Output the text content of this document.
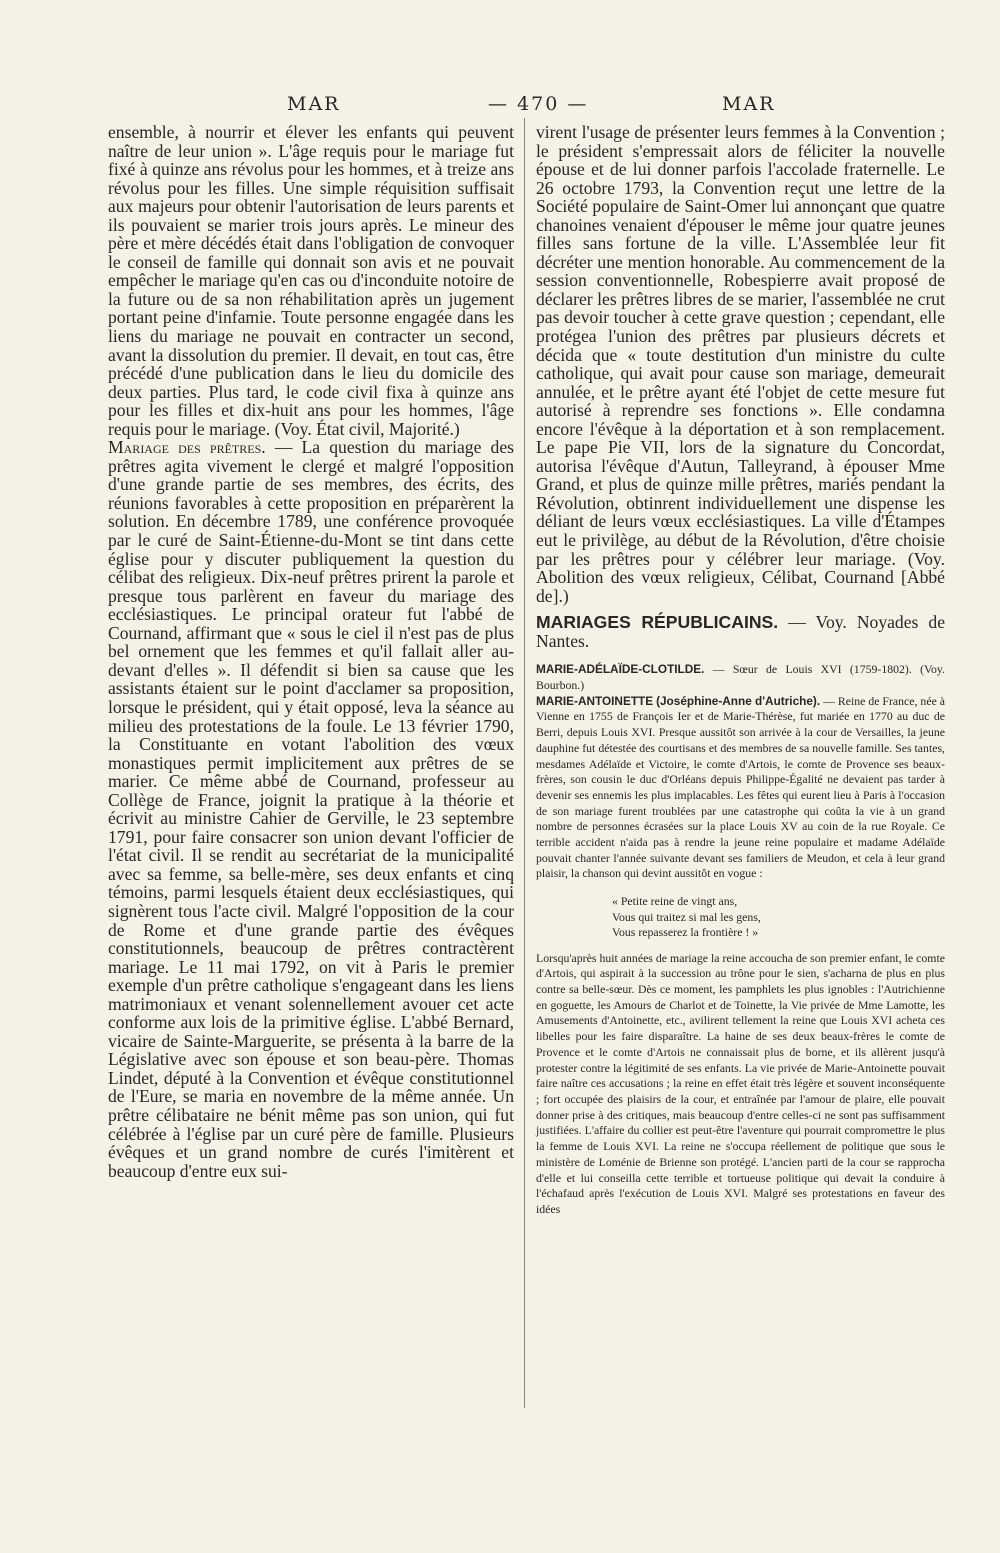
MAR	— 470 —	MAR

ensemble, à nourrir et élever les enfants qui peuvent naître de leur union ». L'âge requis pour le mariage fut fixé à quinze ans révolus pour les hommes, et à treize ans révolus pour les filles. Une simple réquisition suffisait aux majeurs pour obtenir l'autorisation de leurs parents et ils pouvaient se marier trois jours après. Le mineur des père et mère décédés était dans l'obligation de convoquer le conseil de famille qui donnait son avis et ne pouvait empêcher le mariage qu'en cas ou d'inconduite notoire de la future ou de sa non réhabilitation après un jugement portant peine d'infamie. Toute personne engagée dans les liens du mariage ne pouvait en contracter un second, avant la dissolution du premier. Il devait, en tout cas, être précédé d'une publication dans le lieu du domicile des deux parties. Plus tard, le code civil fixa à quinze ans pour les filles et dix-huit ans pour les hommes, l'âge requis pour le mariage. (Voy. État civil, Majorité.)

Mariage des prêtres. — La question du mariage des prêtres agita vivement le clergé et malgré l'opposition d'une grande partie de ses membres, des écrits, des réunions favorables à cette proposition en préparèrent la solution. En décembre 1789, une conférence provoquée par le curé de Saint-Étienne-du-Mont se tint dans cette église pour y discuter publiquement la question du célibat des religieux. Dix-neuf prêtres prirent la parole et presque tous parlèrent en faveur du mariage des ecclésiastiques. Le principal orateur fut l'abbé de Cournand, affirmant que « sous le ciel il n'est pas de plus bel ornement que les femmes et qu'il fallait aller au-devant d'elles ». Il défendit si bien sa cause que les assistants étaient sur le point d'acclamer sa proposition, lorsque le président, qui y était opposé, leva la séance au milieu des protestations de la foule. Le 13 février 1790, la Constituante en votant l'abolition des vœux monastiques permit implicitement aux prêtres de se marier. Ce même abbé de Cournand, professeur au Collège de France, joignit la pratique à la théorie et écrivit au ministre Cahier de Gerville, le 23 septembre 1791, pour faire consacrer son union devant l'officier de l'état civil. Il se rendit au secrétariat de la municipalité avec sa femme, sa belle-mère, ses deux enfants et cinq témoins, parmi lesquels étaient deux ecclésiastiques, qui signèrent tous l'acte civil. Malgré l'opposition de la cour de Rome et d'une grande partie des évêques constitutionnels, beaucoup de prêtres contractèrent mariage. Le 11 mai 1792, on vit à Paris le premier exemple d'un prêtre catholique s'engageant dans les liens matrimoniaux et venant solennellement avouer cet acte conforme aux lois de la primitive église. L'abbé Bernard, vicaire de Sainte-Marguerite, se présenta à la barre de la Législative avec son épouse et son beau-père. Thomas Lindet, député à la Convention et évêque constitutionnel de l'Eure, se maria en novembre de la même année. Un prêtre célibataire ne bénit même pas son union, qui fut célébrée à l'église par un curé père de famille. Plusieurs évêques et un grand nombre de curés l'imitèrent et beaucoup d'entre eux sui-

virent l'usage de présenter leurs femmes à la Convention ; le président s'empressait alors de féliciter la nouvelle épouse et de lui donner parfois l'accolade fraternelle. Le 26 octobre 1793, la Convention reçut une lettre de la Société populaire de Saint-Omer lui annonçant que quatre chanoines venaient d'épouser le même jour quatre jeunes filles sans fortune de la ville. L'Assemblée leur fit décréter une mention honorable. Au commencement de la session conventionnelle, Robespierre avait proposé de déclarer les prêtres libres de se marier, l'assemblée ne crut pas devoir toucher à cette grave question ; cependant, elle protégea l'union des prêtres par plusieurs décrets et décida que « toute destitution d'un ministre du culte catholique, qui avait pour cause son mariage, demeurait annulée, et le prêtre ayant été l'objet de cette mesure fut autorisé à reprendre ses fonctions ». Elle condamna encore l'évêque à la déportation et à son remplacement. Le pape Pie VII, lors de la signature du Concordat, autorisa l'évêque d'Autun, Talleyrand, à épouser Mme Grand, et plus de quinze mille prêtres, mariés pendant la Révolution, obtinrent individuellement une dispense les déliant de leurs vœux ecclésiastiques. La ville d'Étampes eut le privilège, au début de la Révolution, d'être choisie par les prêtres pour y célébrer leur mariage. (Voy. Abolition des vœux religieux, Célibat, Cournand [Abbé de].)

MARIAGES RÉPUBLICAINS. — Voy. Noyades de Nantes.

MARIE-ADÉLAÏDE-CLOTILDE. — Sœur de Louis XVI (1759-1802). (Voy. Bourbon.)

MARIE-ANTOINETTE (Joséphine-Anne d'Autriche). — Reine de France, née à Vienne en 1755 de François Ier et de Marie-Thérèse, fut mariée en 1770 au duc de Berri, depuis Louis XVI. Presque aussitôt son arrivée à la cour de Versailles, la jeune dauphine fut détestée des courtisans et des membres de sa nouvelle famille. Ses tantes, mesdames Adélaïde et Victoire, le comte d'Artois, le comte de Provence ses beaux-frères, son cousin le duc d'Orléans depuis Philippe-Égalité ne devaient pas tarder à devenir ses ennemis les plus implacables. Les fêtes qui eurent lieu à Paris à l'occasion de son mariage furent troublées par une catastrophe qui coûta la vie à un grand nombre de personnes écrasées sur la place Louis XV au coin de la rue Royale. Ce terrible accident n'aida pas à rendre la jeune reine populaire et madame Adélaïde pouvait chanter l'année suivante devant ses familiers de Meudon, et cela à leur grand plaisir, la chanson qui devint aussitôt en vogue :

« Petite reine de vingt ans,
Vous qui traitez si mal les gens,
Vous repasserez la frontière ! »

Lorsqu'après huit années de mariage la reine accoucha de son premier enfant, le comte d'Artois, qui aspirait à la succession au trône pour le sien, s'acharna de plus en plus contre sa belle-sœur. Dès ce moment, les pamphlets les plus ignobles : l'Autrichienne en goguette, les Amours de Charlot et de Toinette, la Vie privée de Mme Lamotte, les Amusements d'Antoinette, etc., avilirent tellement la reine que Louis XVI acheta ces libelles pour les faire disparaître. La haine de ses deux beaux-frères le comte de Provence et le comte d'Artois ne connaissait plus de borne, et ils allèrent jusqu'à protester contre la légitimité de ses enfants. La vie privée de Marie-Antoinette pouvait faire naître ces accusations ; la reine en effet était très légère et souvent inconséquente ; fort occupée des plaisirs de la cour, et entraînée par l'amour de plaire, elle pouvait donner prise à des critiques, mais beaucoup d'entre celles-ci ne sont pas suffisamment justifiées. L'affaire du collier est peut-être l'aventure qui pourrait compromettre le plus la femme de Louis XVI. La reine ne s'occupa réellement de politique que sous le ministère de Loménie de Brienne son protégé. L'ancien parti de la cour se rapprocha d'elle et lui conseilla cette terrible et tortueuse politique qui devait la conduire à l'échafaud après l'exécution de Louis XVI. Malgré ses protestations en faveur des idées
